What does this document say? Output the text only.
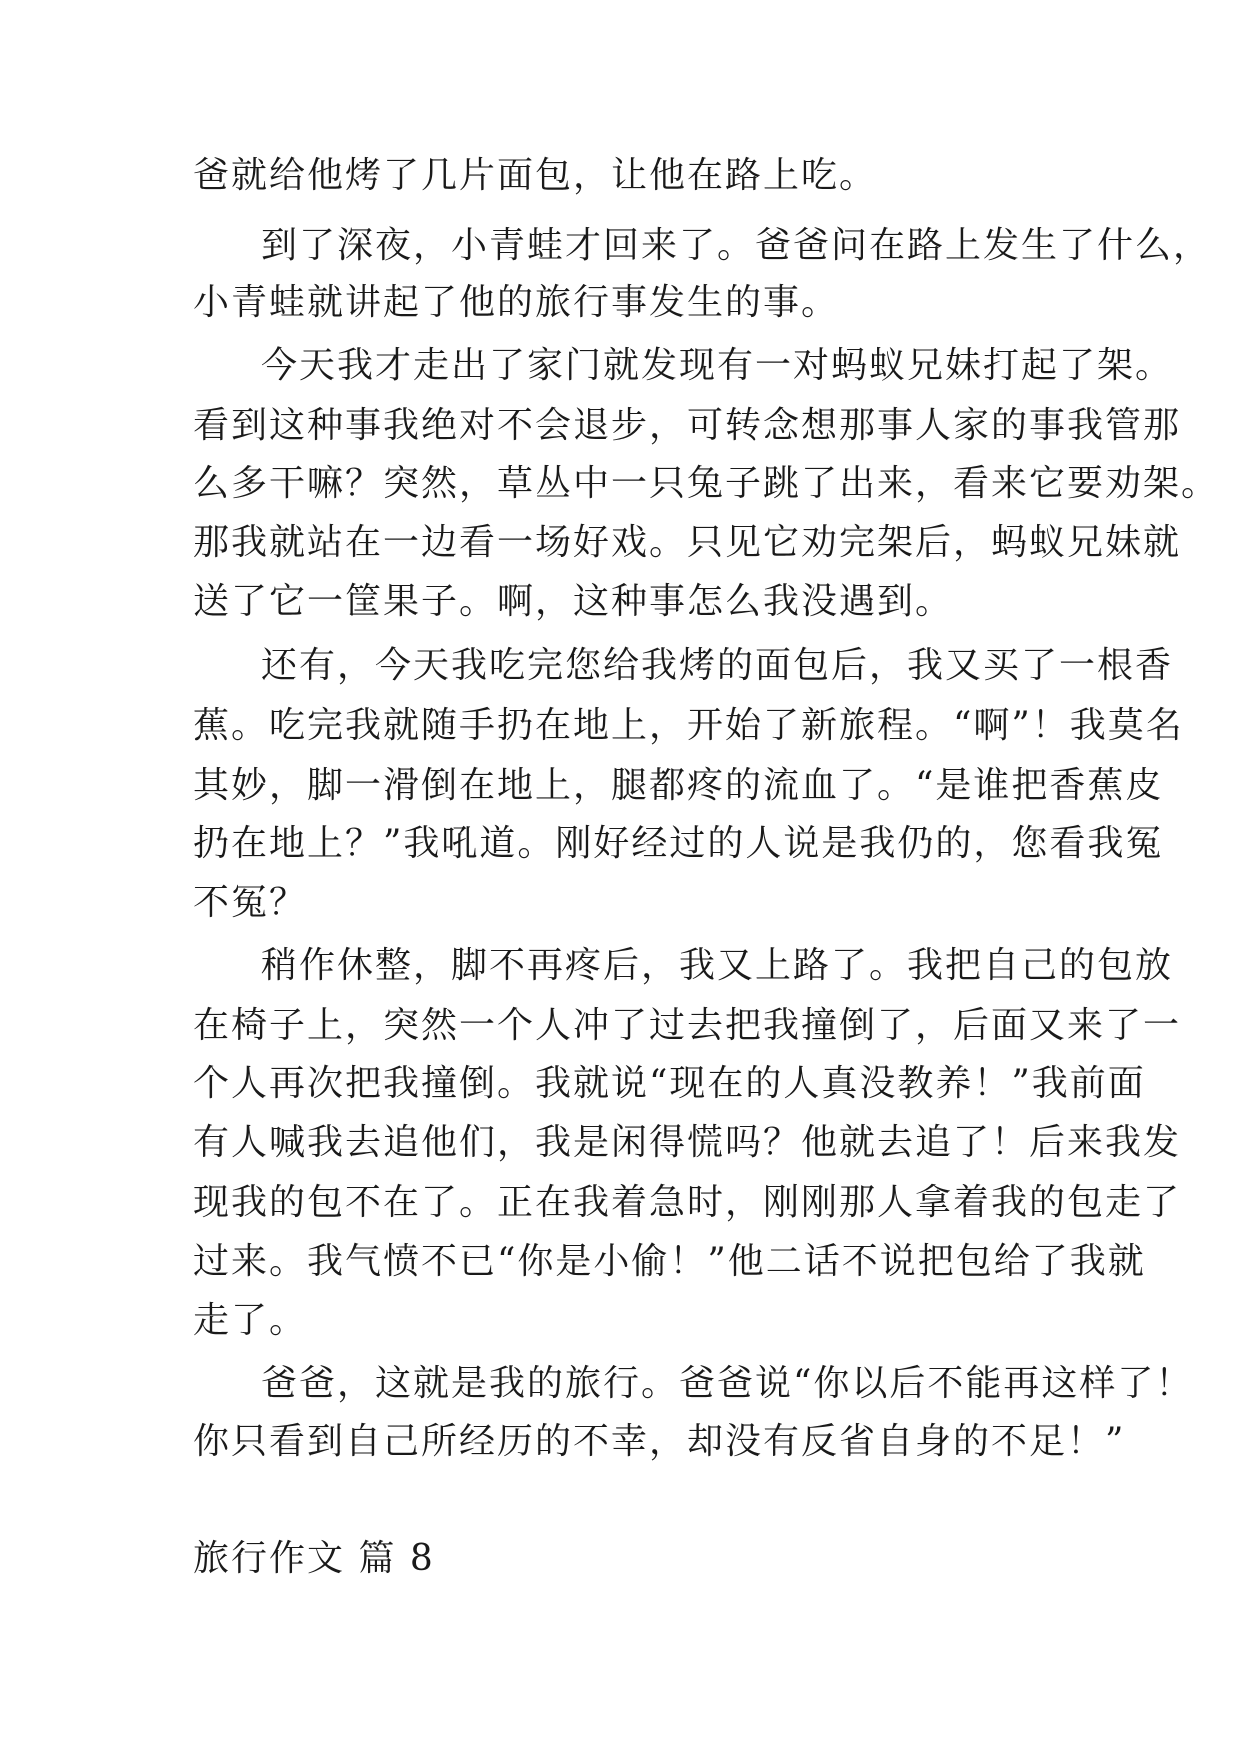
爸就给他烤了几片面包，让他在路上吃。
到了深夜，小青蛙才回来了。爸爸问在路上发生了什么，
小青蛙就讲起了他的旅行事发生的事。
今天我才走出了家门就发现有一对蚂蚁兄妹打起了架。
看到这种事我绝对不会退步，可转念想那事人家的事我管那
么多干嘛？突然，草丛中一只兔子跳了出来，看来它要劝架。
那我就站在一边看一场好戏。只见它劝完架后，蚂蚁兄妹就
送了它一筐果子。啊，这种事怎么我没遇到。
还有，今天我吃完您给我烤的面包后，我又买了一根香
蕉。吃完我就随手扔在地上，开始了新旅程。“啊”！我莫名
其妙，脚一滑倒在地上，腿都疼的流血了。“是谁把香蕉皮
扔在地上？”我吼道。刚好经过的人说是我仍的，您看我冤
不冤？
稍作休整，脚不再疼后，我又上路了。我把自己的包放
在椅子上，突然一个人冲了过去把我撞倒了，后面又来了一
个人再次把我撞倒。我就说“现在的人真没教养！”我前面
有人喊我去追他们，我是闲得慌吗？他就去追了！后来我发
现我的包不在了。正在我着急时，刚刚那人拿着我的包走了
过来。我气愤不已“你是小偷！”他二话不说把包给了我就
走了。
爸爸，这就是我的旅行。爸爸说“你以后不能再这样了！
你只看到自己所经历的不幸，却没有反省自身的不足！”
旅行作文 篇 8
